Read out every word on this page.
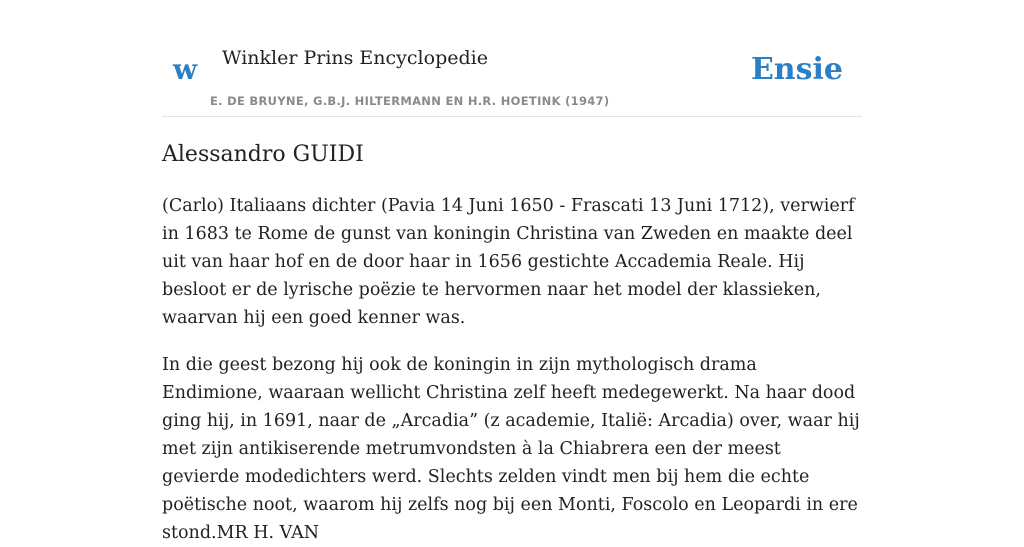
w Winkler Prins Encyclopedie
E. DE BRUYNE, G.B.J. HILTERMANN EN H.R. HOETINK (1947)
Ensie
Alessandro GUIDI

(Carlo) Italiaans dichter (Pavia 14 Juni 1650 - Frascati 13 Juni 1712), verwierf in 1683 te Rome de gunst van koningin Christina van Zweden en maakte deel uit van haar hof en de door haar in 1656 gestichte Accademia Reale. Hij besloot er de lyrische poëzie te hervormen naar het model der klassieken, waarvan hij een goed kenner was.

In die geest bezong hij ook de koningin in zijn mythologisch drama Endimione, waaraan wellicht Christina zelf heeft medegewerkt. Na haar dood ging hij, in 1691, naar de „Arcadia” (z academie, Italië: Arcadia) over, waar hij met zijn antikiserende metrumvondsten à la Chiabrera een der meest gevierde modedichters werd. Slechts zelden vindt men bij hem die echte poëtische noot, waarom hij zelfs nog bij een Monti, Foscolo en Leopardi in ere stond.MR H. VAN
